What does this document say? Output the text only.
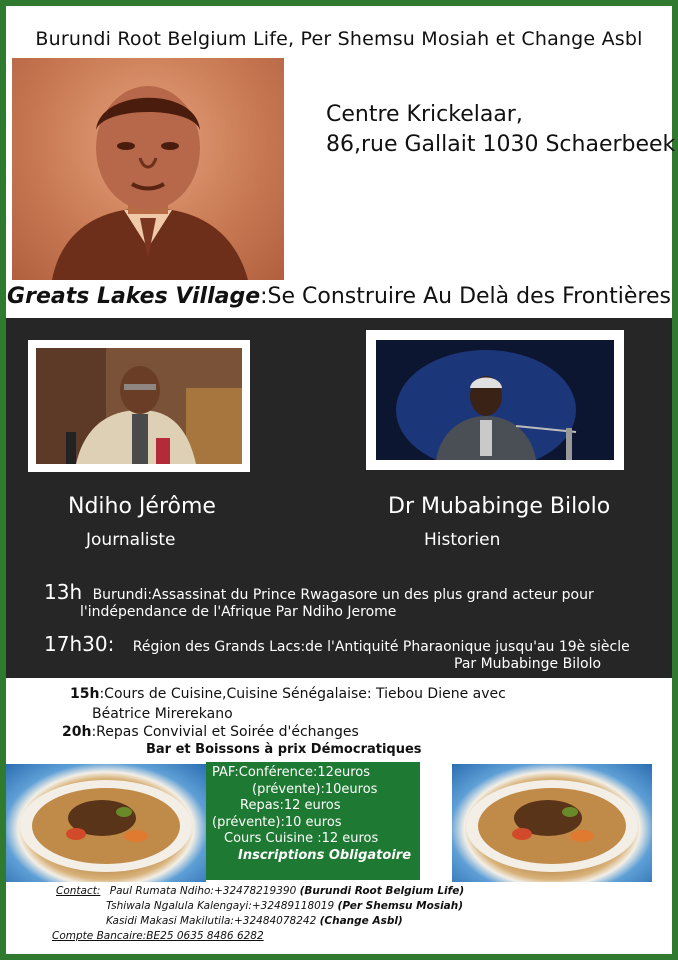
Burundi Root Belgium Life, Per Shemsu Mosiah et Change Asbl
Centre Krickelaar,
86,rue Gallait 1030 Schaerbeek
Greats Lakes Village:Se Construire Au Delà des Frontières
Ndiho Jérôme
Journaliste
Dr Mubabinge Bilolo
Historien
13h Burundi:Assassinat du Prince Rwagasore un des plus grand acteur pour
l'indépendance de l'Afrique Par Ndiho Jerome
17h30: Région des Grands Lacs:de l'Antiquité Pharaonique jusqu'au 19è siècle
Par Mubabinge Bilolo
15h:Cours de Cuisine,Cuisine Sénégalaise: Tiebou Diene avec
Béatrice Mirerekano
20h:Repas Convivial et Soirée d'échanges
Bar et Boissons à prix Démocratiques
PAF:Conférence:12euros
(prévente):10euros
Repas:12 euros
(prévente):10 euros
Cours Cuisine :12 euros
Inscriptions Obligatoire
Contact: Paul Rumata Ndiho:+32478219390 (Burundi Root Belgium Life)
Tshiwala Ngalula Kalengayi:+32489118019 (Per Shemsu Mosiah)
Kasidi Makasi Makilutila:+32484078242 (Change Asbl)
Compte Bancaire:BE25 0635 8486 6282
